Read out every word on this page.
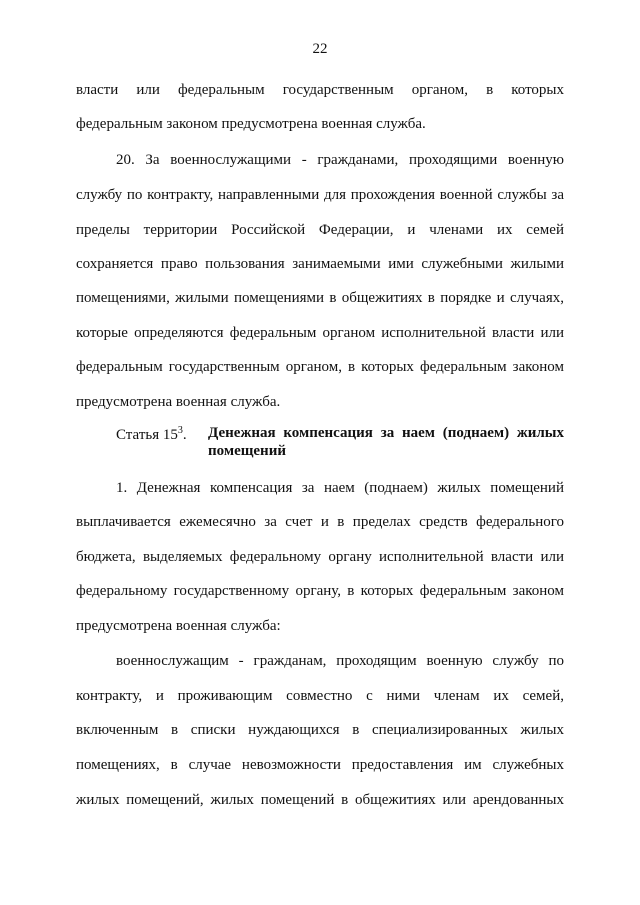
22
власти или федеральным государственным органом, в которых
федеральным законом предусмотрена военная служба.
20. За военнослужащими - гражданами, проходящими военную
службу по контракту, направленными для прохождения военной службы за
пределы территории Российской Федерации, и членами их семей
сохраняется право пользования занимаемыми ими служебными жилыми
помещениями, жилыми помещениями в общежитиях в порядке и случаях,
которые определяются федеральным органом исполнительной власти или
федеральным государственным органом, в которых федеральным законом
предусмотрена военная служба.
Статья $15^3$. Денежная компенсация за наем (поднаем) жилых
помещений
1. Денежная компенсация за наем (поднаем) жилых помещений
выплачивается ежемесячно за счет и в пределах средств федерального
бюджета, выделяемых федеральному органу исполнительной власти или
федеральному государственному органу, в которых федеральным законом
предусмотрена военная служба:
военнослужащим - гражданам, проходящим военную службу по
контракту, и проживающим совместно с ними членам их семей,
включенным в списки нуждающихся в специализированных жилых
помещениях, в случае невозможности предоставления им служебных
жилых помещений, жилых помещений в общежитиях или арендованных
